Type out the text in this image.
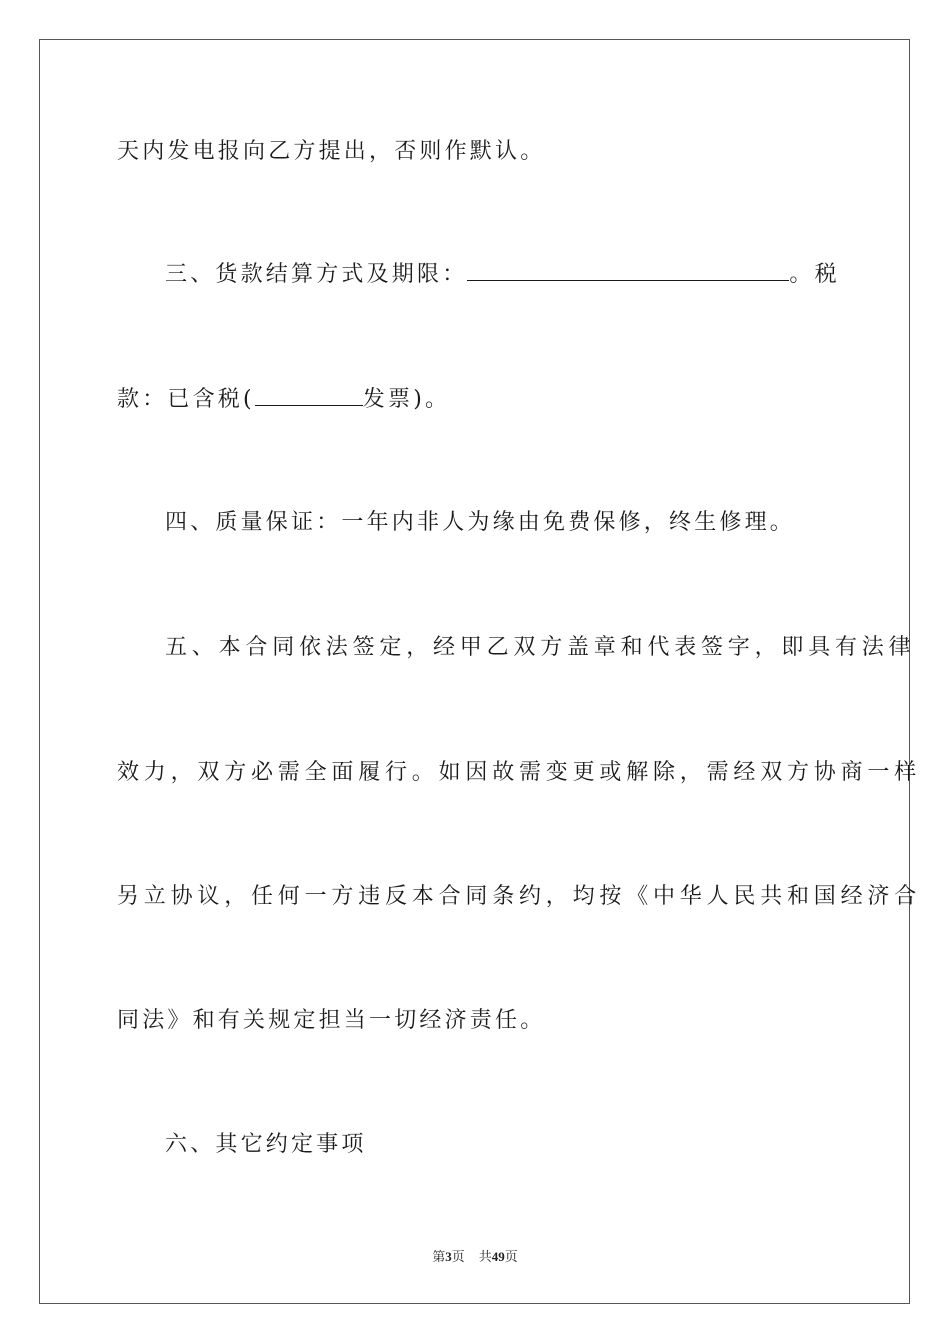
天内发电报向乙方提出，否则作默认。
三、货款结算方式及期限：	。税
款：已含税(	发票)。
四、质量保证：一年内非人为缘由免费保修，终生修理。
五、本合同依法签定，经甲乙双方盖章和代表签字，即具有法律
效力，双方必需全面履行。如因故需变更或解除，需经双方协商一样
另立协议，任何一方违反本合同条约，均按《中华人民共和国经济合
同法》和有关规定担当一切经济责任。
六、其它约定事项
第3页 共49页
